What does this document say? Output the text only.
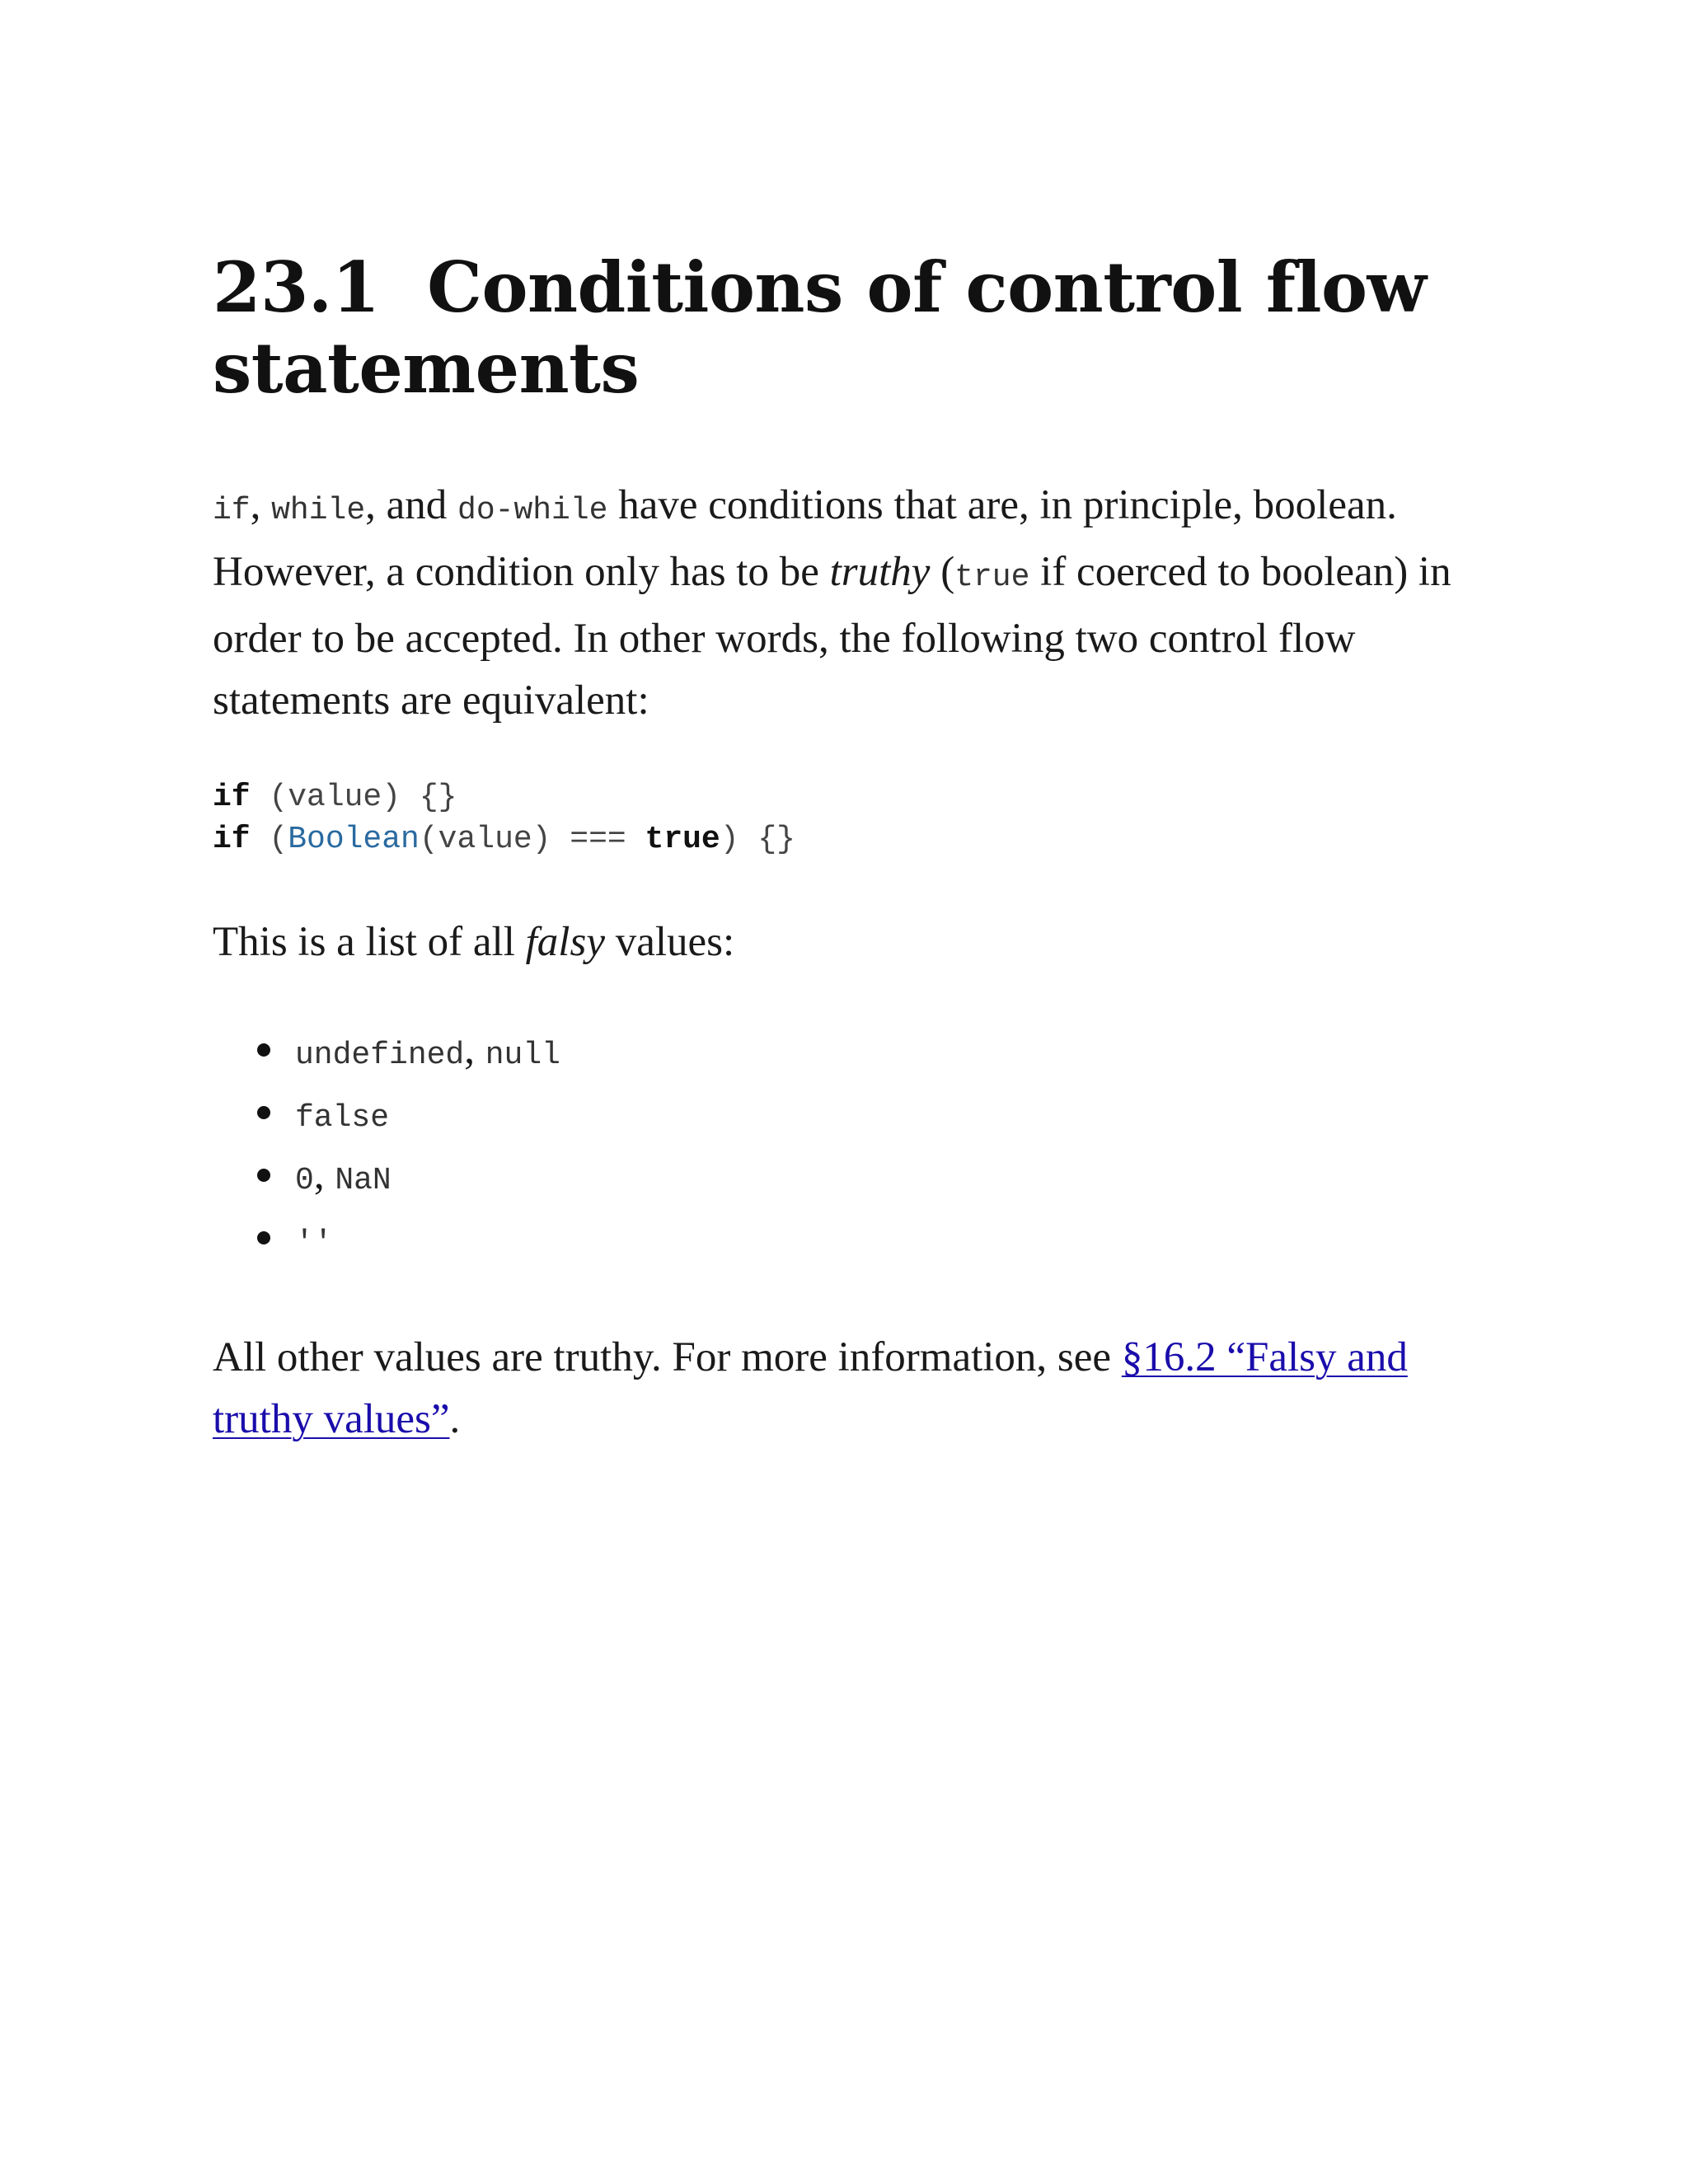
23.1 Conditions of control flow statements

if, while, and do-while have conditions that are, in principle, boolean. However, a condition only has to be truthy (true if coerced to boolean) in order to be accepted. In other words, the following two control flow statements are equivalent:

if (value) {}
if (Boolean(value) === true) {}

This is a list of all falsy values:

undefined, null
false
0, NaN
''

All other values are truthy. For more information, see §16.2 “Falsy and truthy values”.
